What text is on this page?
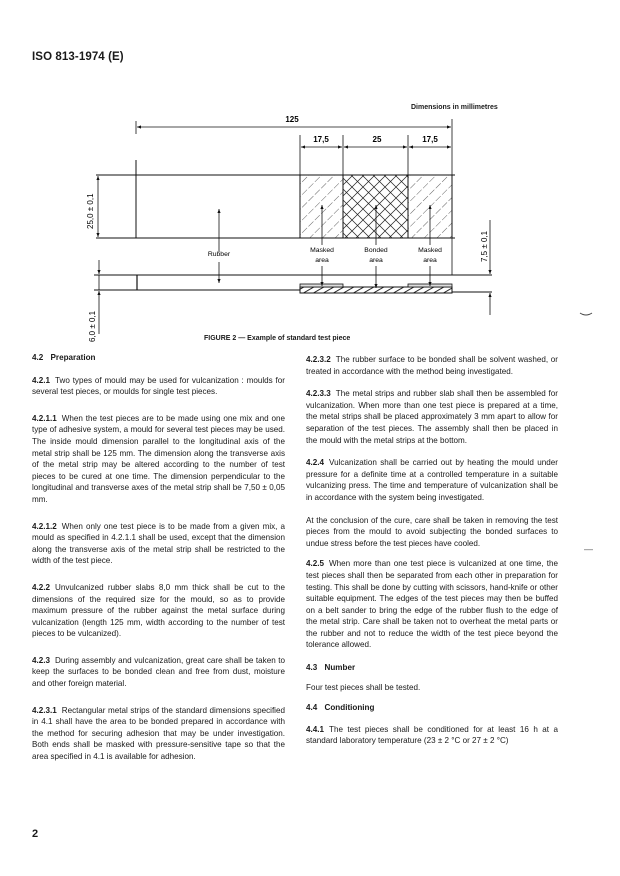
ISO 813-1974 (E)
125
17,5	25	17,5
25,0 ± 0,1
Rubber
Masked
area
Bonded
area
Masked
area
6,0 ± 0,1
7,5 ± 0,1
Dimensions in millimetres
FIGURE 2 — Example of standard test piece

4.2 Preparation

4.2.1 Two types of mould may be used for vulcanization : moulds for several test pieces, or moulds for single test pieces.

4.2.1.1 When the test pieces are to be made using one mix and one type of adhesive system, a mould for several test pieces may be used. The inside mould dimension parallel to the longitudinal axis of the metal strip shall be 125 mm. The dimension along the transverse axis of the metal strip may be altered according to the number of test pieces to be cured at one time. The dimension perpendicular to the longitudinal and transverse axes of the metal strip shall be 7,50 ± 0,05 mm.

4.2.1.2 When only one test piece is to be made from a given mix, a mould as specified in 4.2.1.1 shall be used, except that the dimension along the transverse axis of the metal strip shall be restricted to the width of the test piece.

4.2.2 Unvulcanized rubber slabs 8,0 mm thick shall be cut to the dimensions of the required size for the mould, so as to provide maximum pressure of the rubber against the metal surface during vulcanization (length 125 mm, width according to the number of test pieces to be vulcanized).

4.2.3 During assembly and vulcanization, great care shall be taken to keep the surfaces to be bonded clean and free from dust, moisture and other foreign material.

4.2.3.1 Rectangular metal strips of the standard dimensions specified in 4.1 shall have the area to be bonded prepared in accordance with the method for securing adhesion that may be under investigation. Both ends shall be masked with pressure-sensitive tape so that the area specified in 4.1 is available for adhesion.

4.2.3.2 The rubber surface to be bonded shall be solvent washed, or treated in accordance with the method being investigated.

4.2.3.3 The metal strips and rubber slab shall then be assembled for vulcanization. When more than one test piece is prepared at a time, the metal strips shall be placed approximately 3 mm apart to allow for separation of the test pieces. The assembly shall then be placed in the mould with the metal strips at the bottom.

4.2.4 Vulcanization shall be carried out by heating the mould under pressure for a definite time at a controlled temperature in a suitable vulcanizing press. The time and temperature of vulcanization shall be in accordance with the system being investigated.

At the conclusion of the cure, care shall be taken in removing the test pieces from the mould to avoid subjecting the bonded surfaces to undue stress before the test pieces have cooled.

4.2.5 When more than one test piece is vulcanized at one time, the test pieces shall then be separated from each other in preparation for testing. This shall be done by cutting with scissors, hand-knife or other suitable equipment. The edges of the test pieces may then be buffed on a belt sander to bring the edge of the rubber flush to the edge of the metal strip. Care shall be taken not to overheat the metal parts or the rubber and not to reduce the width of the test piece beyond the tolerance allowed.

4.3 Number

Four test pieces shall be tested.

4.4 Conditioning

4.4.1 The test pieces shall be conditioned for at least 16 h at a standard laboratory temperature (23 ± 2 °C or 27 ± 2 °C)

—
2
